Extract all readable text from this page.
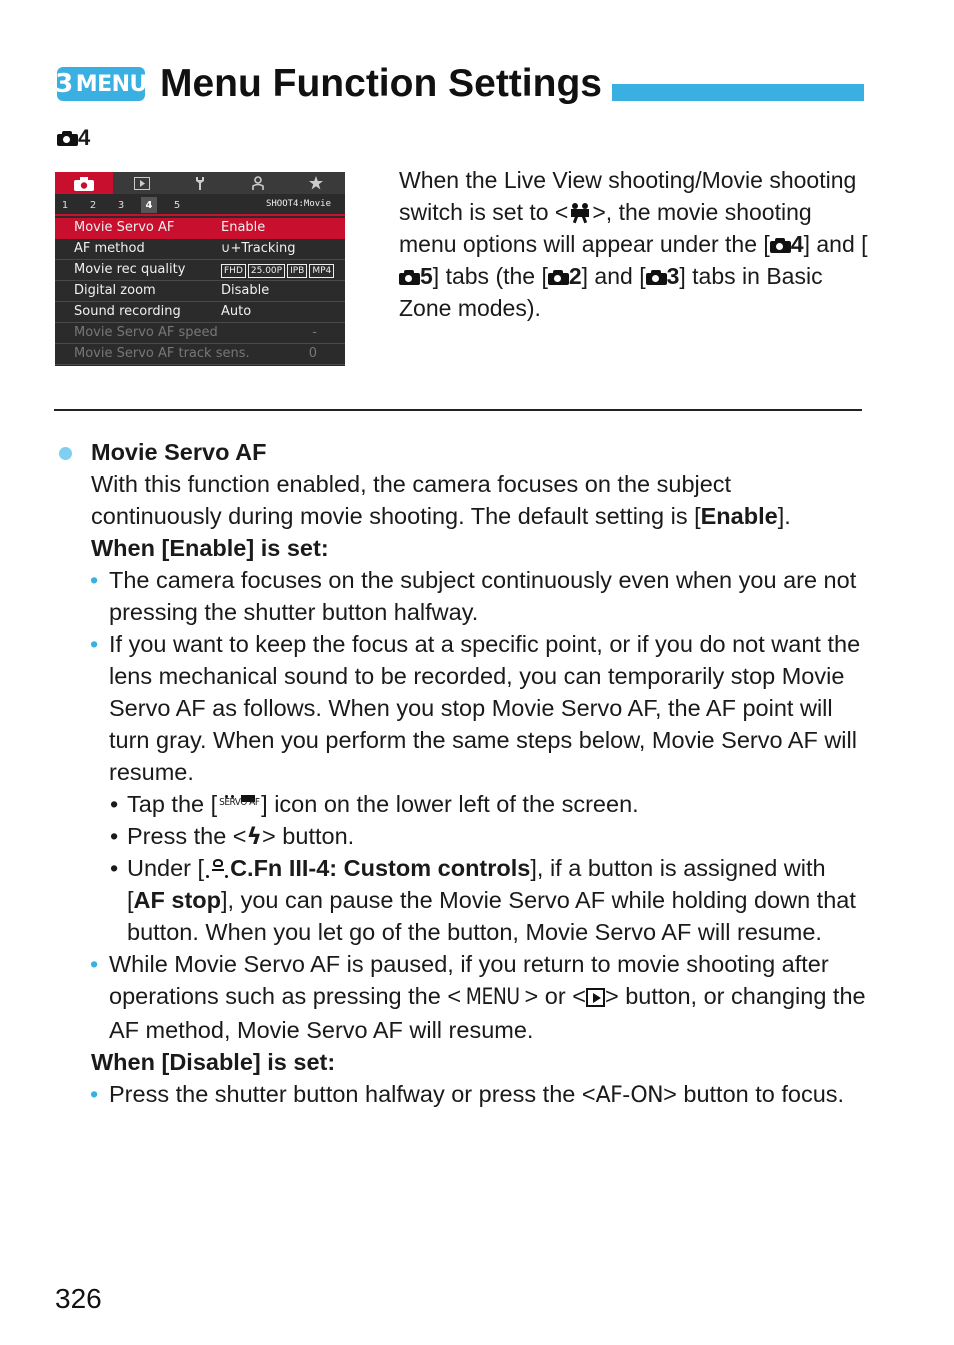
3 MENU Menu Function Settings
4
1	2	3	4	5	SHOOT4:Movie
Movie Servo AF	Enable
AF method	∪+Tracking
Movie rec quality	FHD 25.00P IPB MP4
Digital zoom	Disable
Sound recording	Auto
Movie Servo AF speed	-
Movie Servo AF track sens.	0
When the Live View shooting/Movie shooting switch is set to < >, the movie shooting menu options will appear under the [ 4] and [
5] tabs (the [ 2] and [ 3] tabs in Basic Zone modes).
Movie Servo AF
With this function enabled, the camera focuses on the subject continuously during movie shooting. The default setting is [Enable].
When [Enable] is set:
• The camera focuses on the subject continuously even when you are not pressing the shutter button halfway.
• If you want to keep the focus at a specific point, or if you do not want the lens mechanical sound to be recorded, you can temporarily stop Movie Servo AF as follows. When you stop Movie Servo AF, the AF point will turn gray. When you perform the same steps below, Movie Servo AF will resume.
• Tap the [ SERVO AF ] icon on the lower left of the screen.
• Press the <ϟ> button.
• Under [ C.Fn III-4: Custom controls], if a button is assigned with [AF stop], you can pause the Movie Servo AF while holding down that button. When you let go of the button, Movie Servo AF will resume.
• While Movie Servo AF is paused, if you return to movie shooting after operations such as pressing the < MENU > or < > button, or changing the AF method, Movie Servo AF will resume.
When [Disable] is set:
• Press the shutter button halfway or press the <AF-ON> button to focus.
326
